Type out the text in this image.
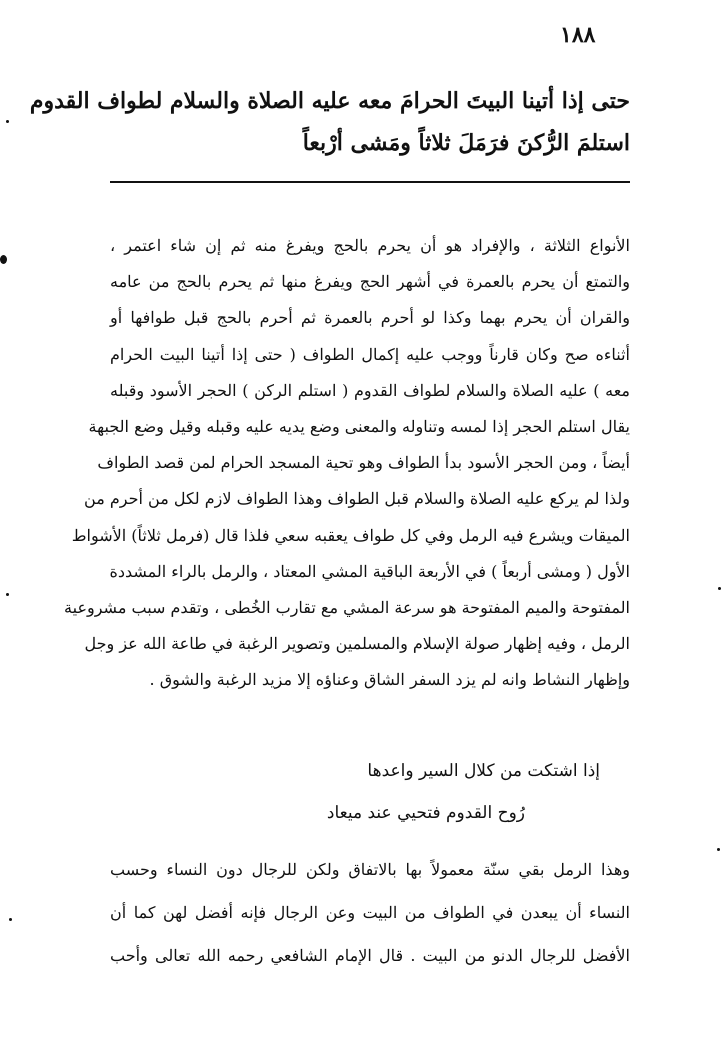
١٨٨
حتى إذا أتينا البيتَ الحرامَ معه عليه الصلاة والسلام لطواف القدوم
استلمَ الرُّكنَ فرَمَلَ ثلاثاً ومَشى أرْبعاً
الأنواع الثلاثة ، والإفراد هو أن يحرم بالحج ويفرغ منه ثم إن شاء اعتمر ،
والتمتع أن يحرم بالعمرة في أشهر الحج ويفرغ منها ثم يحرم بالحج من عامه
والقران أن يحرم بهما وكذا لو أحرم بالعمرة ثم أحرم بالحج قبل طوافها أو
أثناءه صح وكان قارناً ووجب عليه إكمال الطواف ( حتى إذا أتينا البيت الحرام
معه ) عليه الصلاة والسلام لطواف القدوم ( استلم الركن ) الحجر الأسود وقبله
يقال استلم الحجر إذا لمسه وتناوله والمعنى وضع يديه عليه وقبله وقيل وضع الجبهة
أيضاً ، ومن الحجر الأسود بدأ الطواف وهو تحية المسجد الحرام لمن قصد الطواف
ولذا لم يركع عليه الصلاة والسلام قبل الطواف وهذا الطواف لازم لكل من أحرم من
الميقات ويشرع فيه الرمل وفي كل طواف يعقبه سعي فلذا قال (فرمل ثلاثاً) الأشواط
الأول ( ومشى أربعاً ) في الأربعة الباقية المشي المعتاد ، والرمل بالراء المشددة
المفتوحة والميم المفتوحة هو سرعة المشي مع تقارب الخُطى ، وتقدم سبب مشروعية
الرمل ، وفيه إظهار صولة الإسلام والمسلمين وتصوير الرغبة في طاعة الله عز وجل
وإظهار النشاط وانه لم يزد السفر الشاق وعناؤه إلا مزيد الرغبة والشوق .
إذا اشتكت من كلال السير واعدها
رُوح القدوم فتحيي عند ميعاد
وهذا الرمل بقي سنّة معمولاً بها بالاتفاق ولكن للرجال دون النساء وحسب
النساء أن يبعدن في الطواف من البيت وعن الرجال فإنه أفضل لهن كما أن
الأفضل للرجال الدنو من البيت . قال الإمام الشافعي رحمه الله تعالى وأحب
